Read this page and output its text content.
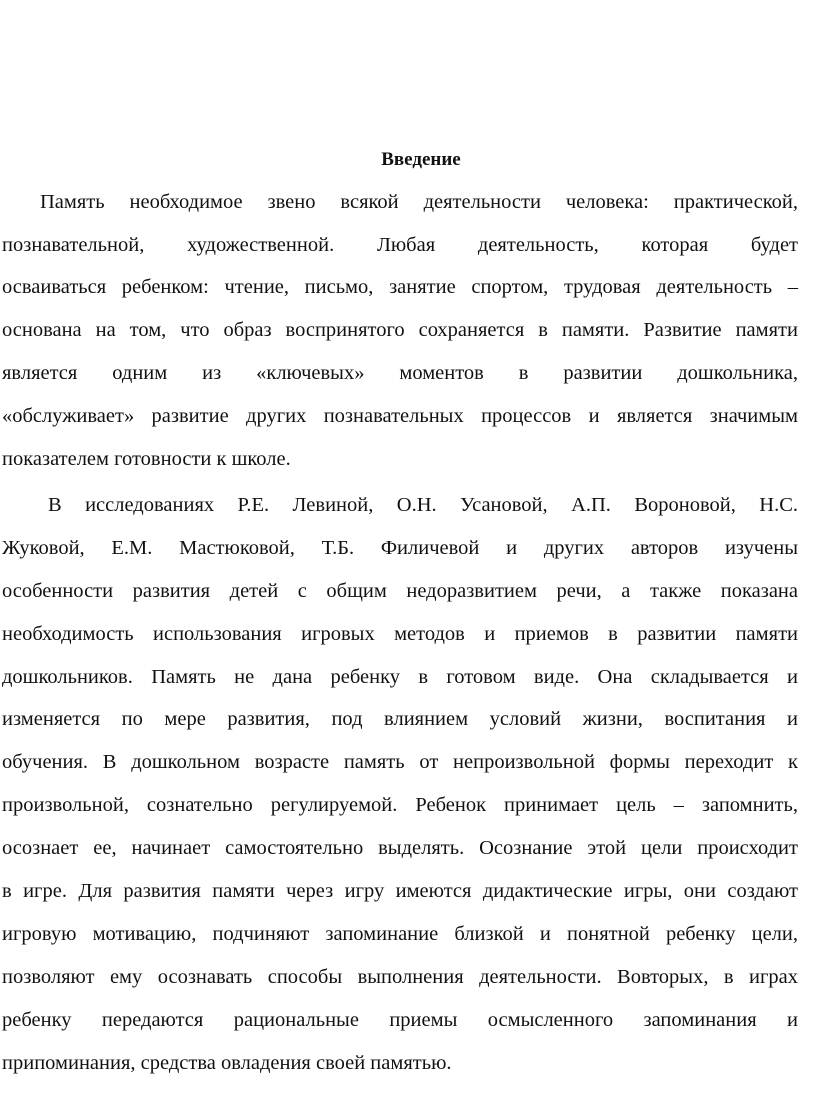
Введение
Память необходимое звено всякой деятельности человека: практической,
познавательной, художественной. Любая деятельность, которая будет
осваиваться ребенком: чтение, письмо, занятие спортом, трудовая деятельность –
основана на том, что образ воспринятого сохраняется в памяти. Развитие памяти
является одним из «ключевых» моментов в развитии дошкольника,
«обслуживает» развитие других познавательных процессов и является значимым
показателем готовности к школе.
В исследованиях Р.Е. Левиной, О.Н. Усановой, А.П. Вороновой, Н.С.
Жуковой, Е.М. Мастюковой, Т.Б. Филичевой и других авторов изучены
особенности развития детей с общим недоразвитием речи, а также показана
необходимость использования игровых методов и приемов в развитии памяти
дошкольников. Память не дана ребенку в готовом виде. Она складывается и
изменяется по мере развития, под влиянием условий жизни, воспитания и
обучения. В дошкольном возрасте память от непроизвольной формы переходит к
произвольной, сознательно регулируемой. Ребенок принимает цель – запомнить,
осознает ее, начинает самостоятельно выделять. Осознание этой цели происходит
в игре. Для развития памяти через игру имеются дидактические игры, они создают
игровую мотивацию, подчиняют запоминание близкой и понятной ребенку цели,
позволяют ему осознавать способы выполнения деятельности. Вовторых, в играх
ребенку передаются рациональные приемы осмысленного запоминания и
припоминания, средства овладения своей памятью.
